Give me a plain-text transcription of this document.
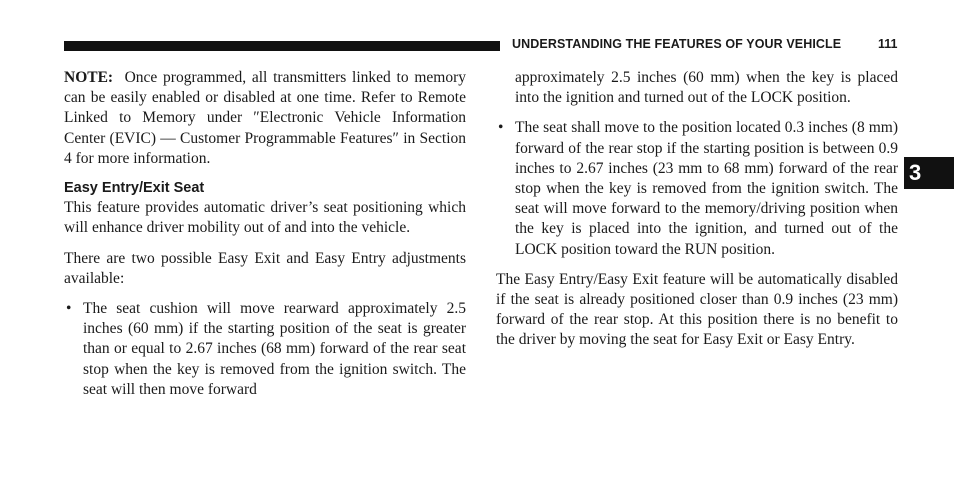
UNDERSTANDING THE FEATURES OF YOUR VEHICLE	111
3

NOTE: Once programmed, all transmitters linked to memory can be easily enabled or disabled at one time. Refer to Remote Linked to Memory under ″Electronic Vehicle Information Center (EVIC) — Customer Programmable Features″ in Section 4 for more information.

Easy Entry/Exit Seat

This feature provides automatic driver’s seat positioning which will enhance driver mobility out of and into the vehicle.

There are two possible Easy Exit and Easy Entry adjustments available:

• The seat cushion will move rearward approximately 2.5 inches (60 mm) if the starting position of the seat is greater than or equal to 2.67 inches (68 mm) forward of the rear seat stop when the key is removed from the ignition switch. The seat will then move forward

approximately 2.5 inches (60 mm) when the key is placed into the ignition and turned out of the LOCK position.

• The seat shall move to the position located 0.3 inches (8 mm) forward of the rear stop if the starting position is between 0.9 inches to 2.67 inches (23 mm to 68 mm) forward of the rear stop when the key is removed from the ignition switch. The seat will move forward to the memory/driving position when the key is placed into the ignition, and turned out of the LOCK position toward the RUN position.

The Easy Entry/Easy Exit feature will be automatically disabled if the seat is already positioned closer than 0.9 inches (23 mm) forward of the rear stop. At this position there is no benefit to the driver by moving the seat for Easy Exit or Easy Entry.
